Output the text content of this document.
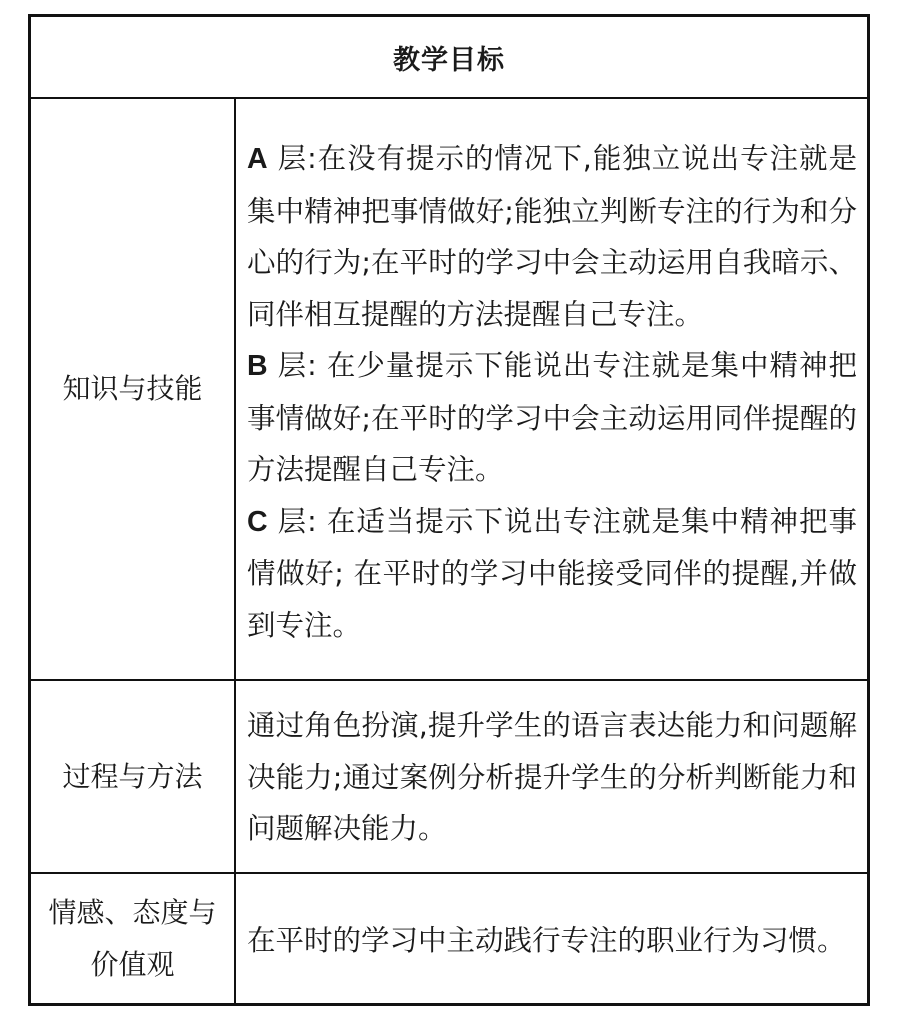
教学目标
知识与技能

A 层:在没有提示的情况下,能独立说出专注就是集中精神把事情做好;能独立判断专注的行为和分心的行为;在平时的学习中会主动运用自我暗示、同伴相互提醒的方法提醒自己专注。

B 层: 在少量提示下能说出专注就是集中精神把事情做好;在平时的学习中会主动运用同伴提醒的方法提醒自己专注。

C 层: 在适当提示下说出专注就是集中精神把事情做好; 在平时的学习中能接受同伴的提醒,并做到专注。

过程与方法

通过角色扮演,提升学生的语言表达能力和问题解决能力;通过案例分析提升学生的分析判断能力和问题解决能力。

情感、态度与价值观
在平时的学习中主动践行专注的职业行为习惯。
